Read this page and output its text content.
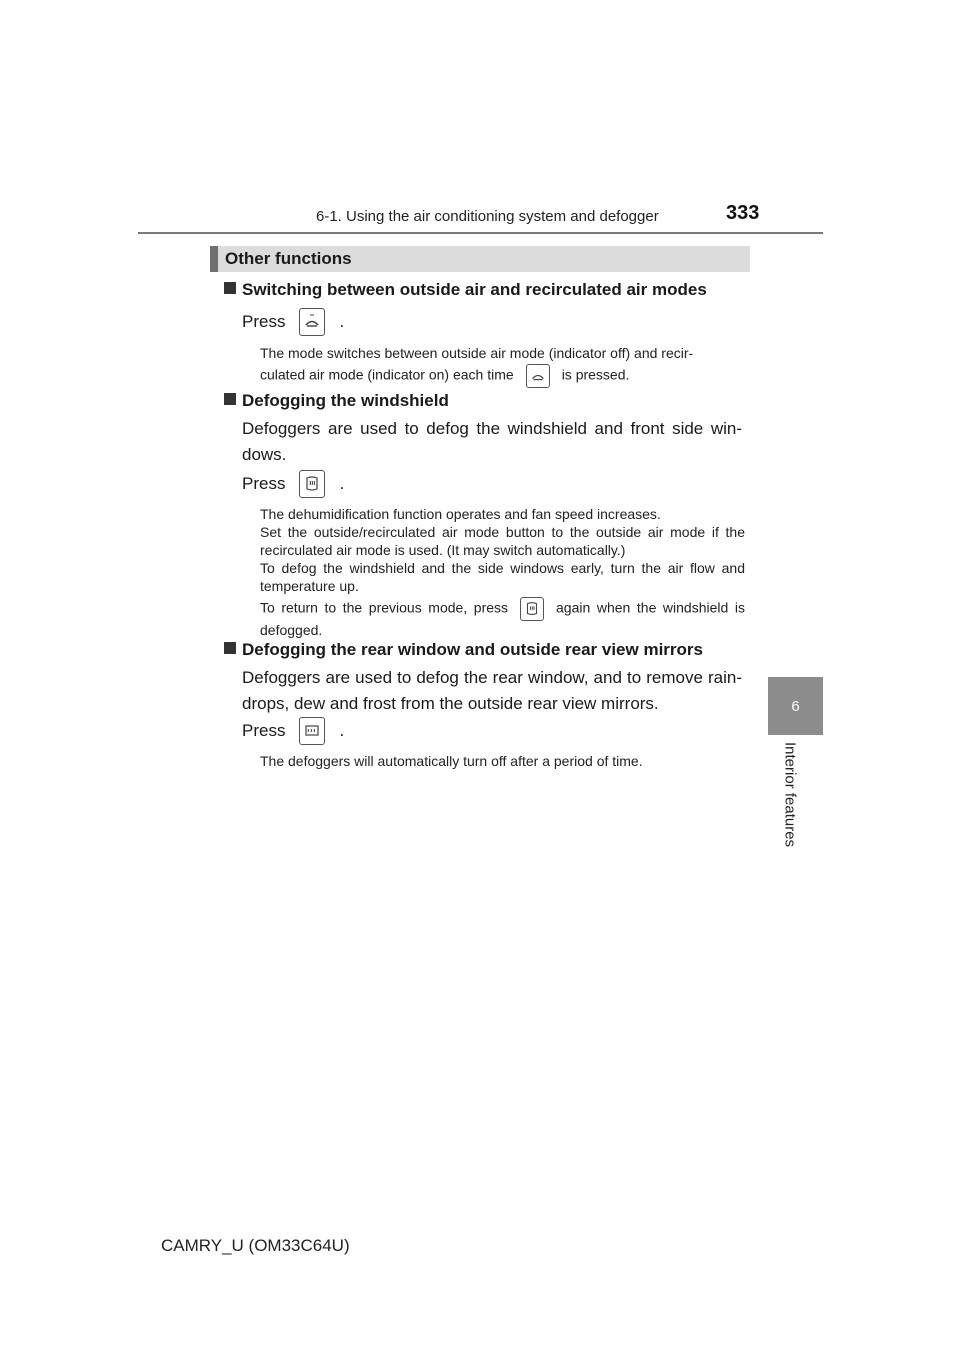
6-1. Using the air conditioning system and defogger	333
6
Interior features
Other functions
Switching between outside air and recirculated air modes
Press	.
The mode switches between outside air mode (indicator off) and recir-
culated air mode (indicator on) each time	is pressed.
Defogging the windshield
Defoggers are used to defog the windshield and front side win-dows.
Press	.
The dehumidification function operates and fan speed increases.
Set the outside/recirculated air mode button to the outside air mode if the recirculated air mode is used. (It may switch automatically.)
To defog the windshield and the side windows early, turn the air flow and temperature up.
To return to the previous mode, press	again when the windshield is defogged.
Defogging the rear window and outside rear view mirrors
Defoggers are used to defog the rear window, and to remove rain-drops, dew and frost from the outside rear view mirrors.
Press	.
The defoggers will automatically turn off after a period of time.
CAMRY_U (OM33C64U)
